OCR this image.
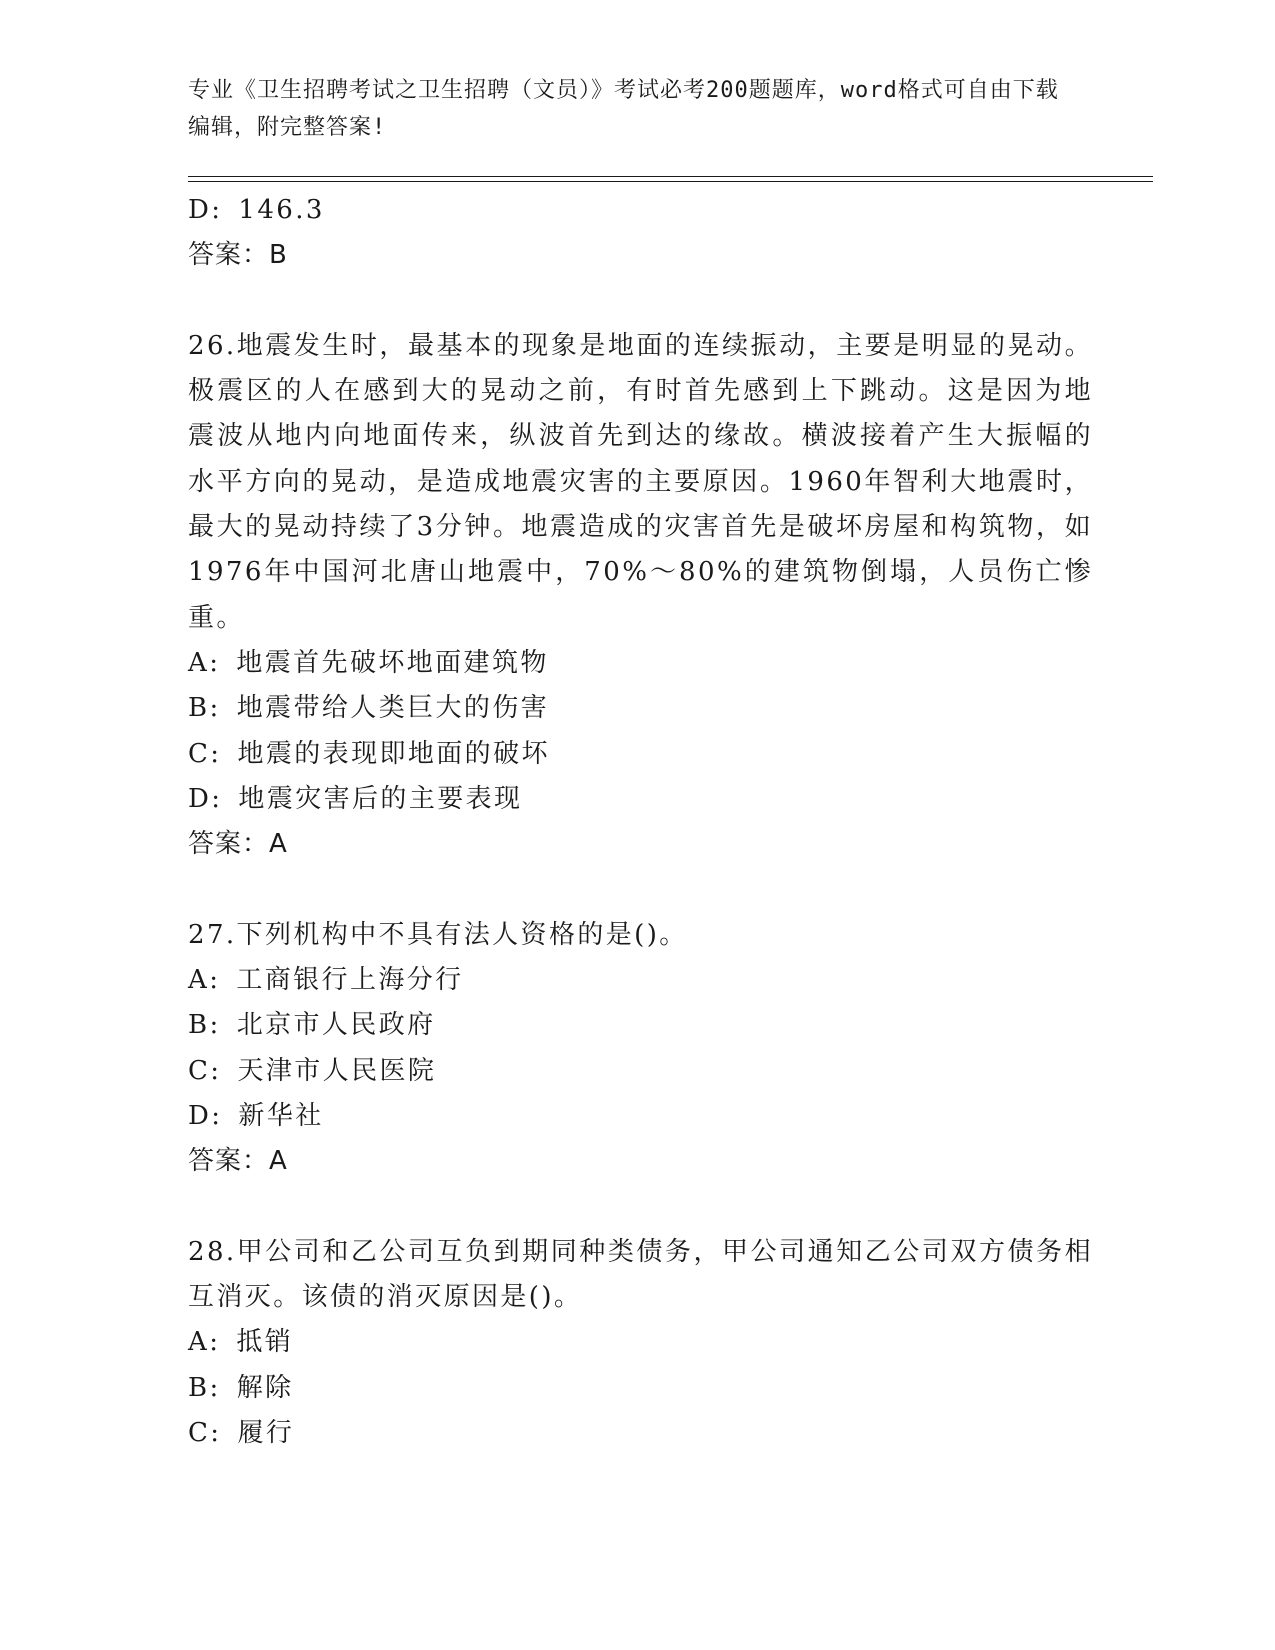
专业《卫生招聘考试之卫生招聘（文员）》考试必考200题题库，word格式可自由下载编辑，附完整答案!
D: 146.3
答案：B
26.地震发生时，最基本的现象是地面的连续振动，主要是明显的晃动。极震区的人在感到大的晃动之前，有时首先感到上下跳动。这是因为地震波从地内向地面传来，纵波首先到达的缘故。横波接着产生大振幅的水平方向的晃动，是造成地震灾害的主要原因。1960年智利大地震时，最大的晃动持续了3分钟。地震造成的灾害首先是破坏房屋和构筑物，如1976年中国河北唐山地震中，70%～80%的建筑物倒塌，人员伤亡惨重。
A: 地震首先破坏地面建筑物
B: 地震带给人类巨大的伤害
C: 地震的表现即地面的破坏
D: 地震灾害后的主要表现
答案：A
27.下列机构中不具有法人资格的是()。
A: 工商银行上海分行
B: 北京市人民政府
C: 天津市人民医院
D: 新华社
答案：A
28.甲公司和乙公司互负到期同种类债务，甲公司通知乙公司双方债务相互消灭。该债的消灭原因是()。
A: 抵销
B: 解除
C: 履行
